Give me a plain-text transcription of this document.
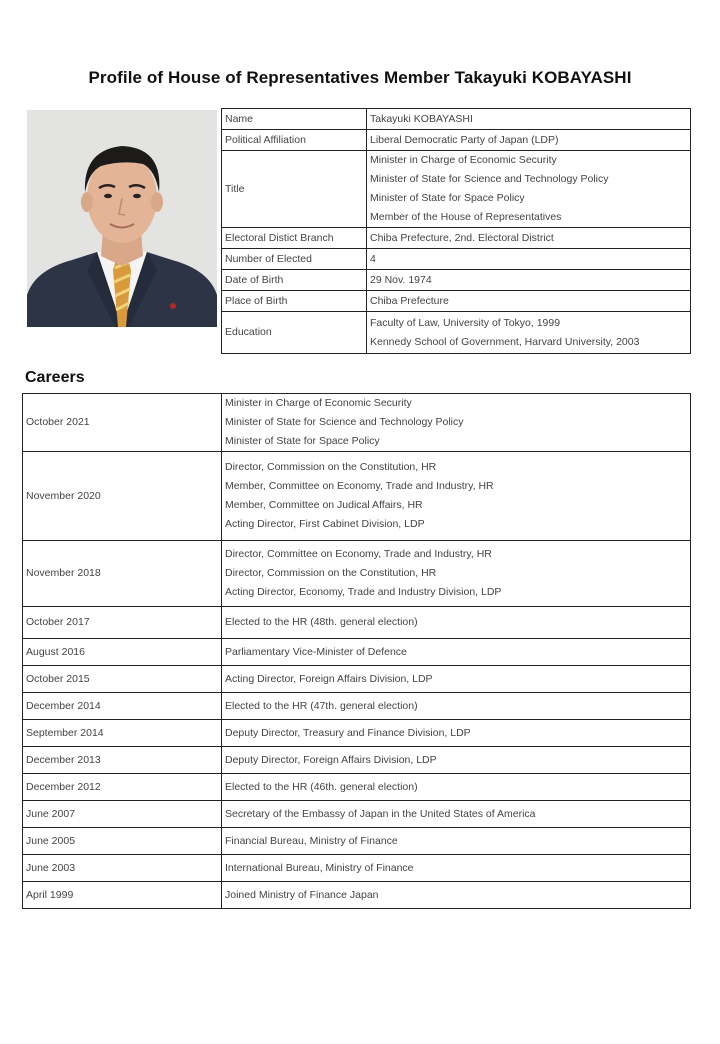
Profile of House of Representatives Member Takayuki KOBAYASHI
Name	Takayuki KOBAYASHI

Political Affiliation	Liberal Democratic Party of Japan (LDP)

Title	Minister in Charge of Economic Security
Minister of State for Science and Technology Policy
Minister of State for Space Policy
Member of the House of Representatives

Electoral Distict Branch	Chiba Prefecture, 2nd. Electoral District

Number of Elected	4

Date of Birth	29 Nov. 1974

Place of Birth	Chiba Prefecture

Education	Faculty of Law, University of Tokyo, 1999
Kennedy School of Government, Harvard University, 2003
Careers
October 2021	Minister in Charge of Economic Security
Minister of State for Science and Technology Policy
Minister of State for Space Policy

November 2020	Director, Commission on the Constitution, HR
Member, Committee on Economy, Trade and Industry, HR
Member, Committee on Judical Affairs, HR
Acting Director, First Cabinet Division, LDP

November 2018	Director, Committee on Economy, Trade and Industry, HR
Director, Commission on the Constitution, HR
Acting Director, Economy, Trade and Industry Division, LDP

October 2017	Elected to the HR (48th. general election)

August 2016	Parliamentary Vice-Minister of Defence

October 2015	Acting Director, Foreign Affairs Division, LDP

December 2014	Elected to the HR (47th. general election)

September 2014	Deputy Director, Treasury and Finance Division, LDP

December 2013	Deputy Director, Foreign Affairs Division, LDP

December 2012	Elected to the HR (46th. general election)

June 2007	Secretary of the Embassy of Japan in the United States of America

June 2005	Financial Bureau, Ministry of Finance

June 2003	International Bureau, Ministry of Finance

April 1999	Joined Ministry of Finance Japan
